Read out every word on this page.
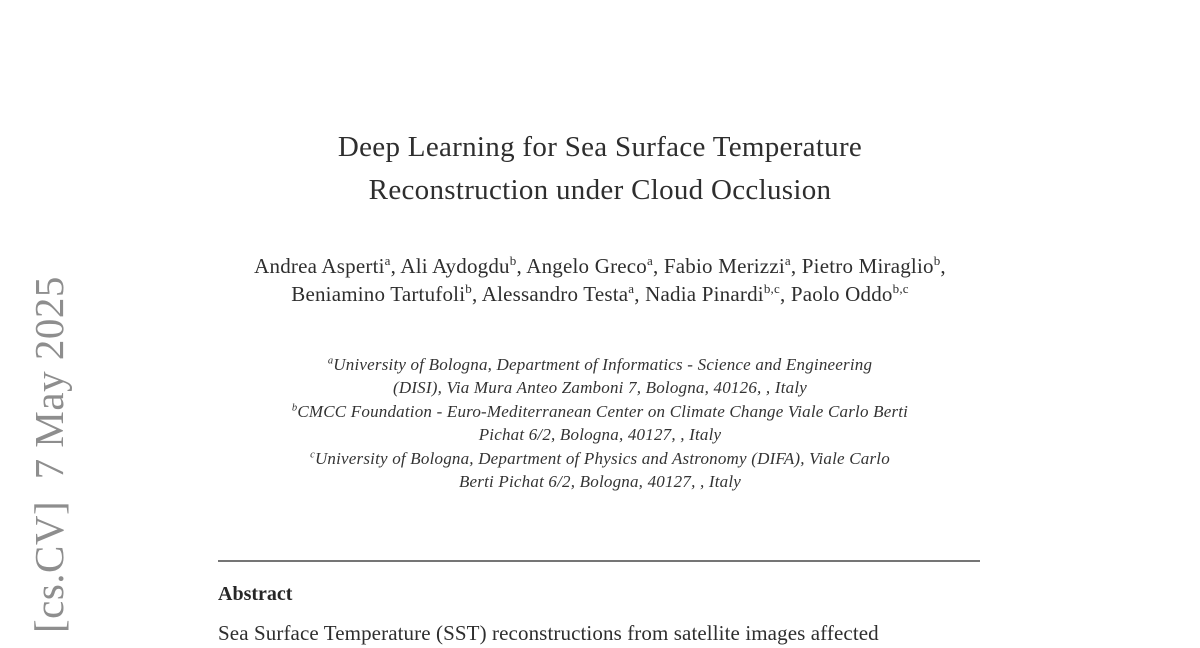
[cs.CV]  7 May 2025
Deep Learning for Sea Surface Temperature
Reconstruction under Cloud Occlusion
Andrea Asperti$^a$, Ali Aydogdu$^b$, Angelo Greco$^a$, Fabio Merizzi$^a$, Pietro Miraglio$^b$, Beniamino Tartufoli$^b$, Alessandro Testa$^a$, Nadia Pinardi$^{b,c}$, Paolo Oddo$^{b,c}$
$^a$University of Bologna, Department of Informatics - Science and Engineering
(DISI), Via Mura Anteo Zamboni 7, Bologna, 40126, , Italy
$^b$CMCC Foundation - Euro-Mediterranean Center on Climate Change Viale Carlo Berti
Pichat 6/2, Bologna, 40127, , Italy
$^c$University of Bologna, Department of Physics and Astronomy (DIFA), Viale Carlo
Berti Pichat 6/2, Bologna, 40127, , Italy
Abstract
Sea Surface Temperature (SST) reconstructions from satellite images affected
